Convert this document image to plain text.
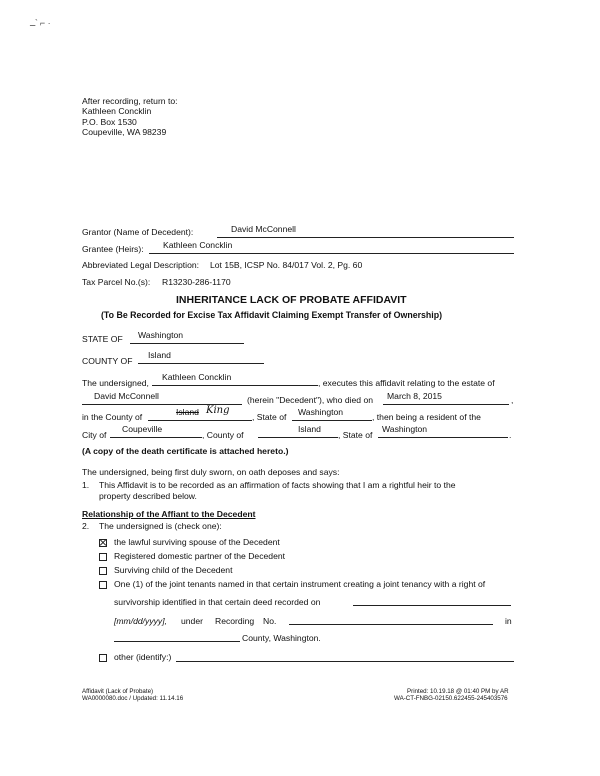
ــ՝ ⌐ ·
After recording, return to:
Kathleen Concklin
P.O. Box 1530
Coupeville, WA 98239
Grantor (Name of Decedent):	David McConnell
Grantee (Heirs): Kathleen Concklin
Abbreviated Legal Description: Lot 15B, ICSP No. 84/017 Vol. 2, Pg. 60
Tax Parcel No.(s): R13230-286-1170
INHERITANCE LACK OF PROBATE AFFIDAVIT
(To Be Recorded for Excise Tax Affidavit Claiming Exempt Transfer of Ownership)
STATE OF Washington
COUNTY OF
Island
The undersigned,
Kathleen Concklin
, executes this affidavit relating to the estate of
David McConnell	(herein "Decedent"), who died on March 8, 2015	,
in the County of	Island King
, State of Washington	, then being a resident of the
City of
Coupeville
, County of
Island
, State of
Washington
.
(A copy of the death certificate is attached hereto.)
The undersigned, being first duly sworn, on oath deposes and says:
1. This Affidavit is to be recorded as an affirmation of facts showing that I am a rightful heir to the
property described below.
Relationship of the Affiant to the Decedent
2. The undersigned is (check one):
the lawful surviving spouse of the Decedent
Registered domestic partner of the Decedent
Surviving child of the Decedent
One (1) of the joint tenants named in that certain instrument creating a joint tenancy with a right of
survivorship identified in that certain deed recorded on
[mm/dd/yyyy], under Recording No.	in
County, Washington.
other (identify:)
Affidavit (Lack of Probate)
WA0000080.doc / Updated: 11.14.16
Printed: 10.19.18 @ 01:40 PM by AR
WA-CT-FNBG-02150.622455-245403576
